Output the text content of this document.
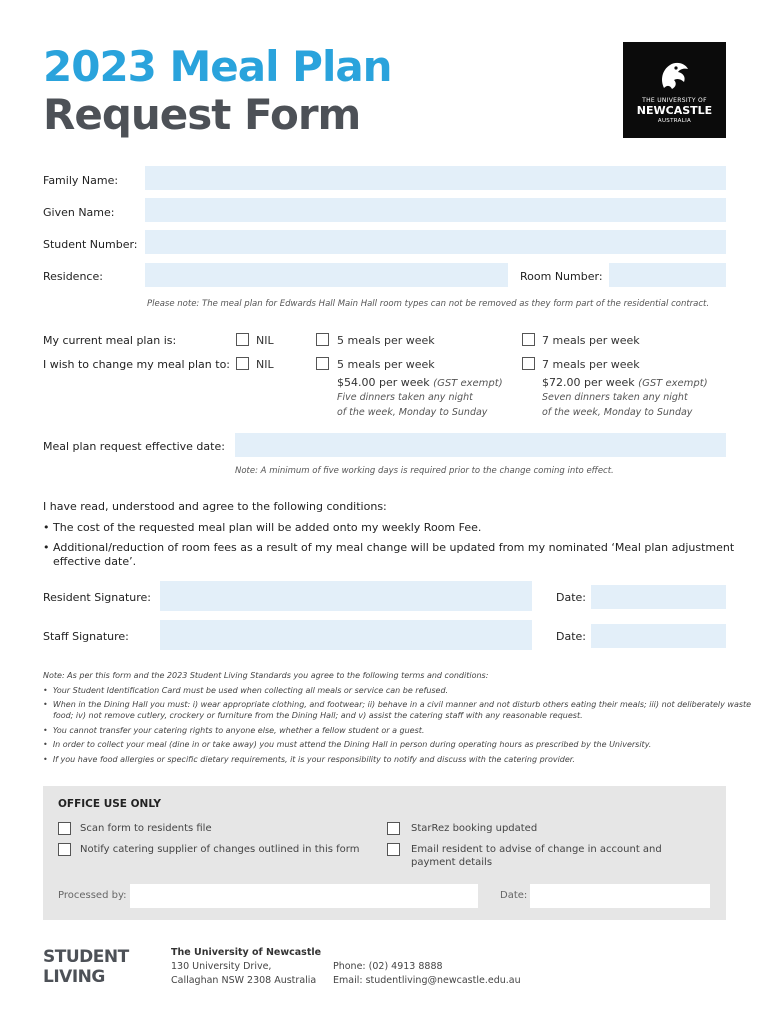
2023 Meal Plan
Request Form	THE UNIVERSITY OF
NEWCASTLE
AUSTRALIA
Family Name:
Given Name:
Student Number:
Residence:	Room Number:
Please note: The meal plan for Edwards Hall Main Hall room types can not be removed as they form part of the residential contract.
My current meal plan is:	NIL	5 meals per week	7 meals per week
I wish to change my meal plan to: NIL	5 meals per week	7 meals per week
$54.00 per week (GST exempt)
Five dinners taken any night
of the week, Monday to Sunday
$72.00 per week (GST exempt)
Seven dinners taken any night
of the week, Monday to Sunday
Meal plan request effective date:
Note: A minimum of five working days is required prior to the change coming into effect.
I have read, understood and agree to the following conditions:
• The cost of the requested meal plan will be added onto my weekly Room Fee.
• Additional/reduction of room fees as a result of my meal change will be updated from my nominated ‘Meal plan adjustment
effective date’.
Resident Signature:	Date:
Staff Signature:	Date:
Note: As per this form and the 2023 Student Living Standards you agree to the following terms and conditions:
•  Your Student Identification Card must be used when collecting all meals or service can be refused.
•  When in the Dining Hall you must: i) wear appropriate clothing, and footwear; ii) behave in a civil manner and not disturb others eating their meals; iii) not deliberately waste
food; iv) not remove cutlery, crockery or furniture from the Dining Hall; and v) assist the catering staff with any reasonable request.
•  You cannot transfer your catering rights to anyone else, whether a fellow student or a guest.
•  In order to collect your meal (dine in or take away) you must attend the Dining Hall in person during operating hours as prescribed by the University.
•  If you have food allergies or specific dietary requirements, it is your responsibility to notify and discuss with the catering provider.
OFFICE USE ONLY
Scan form to residents file	StarRez booking updated
Notify catering supplier of changes outlined in this form	Email resident to advise of change in account and
payment details
Processed by:	Date:
STUDENT
LIVING
The University of Newcastle
130 University Drive,
Callaghan NSW 2308 Australia
Phone: (02) 4913 8888
Email: studentliving@newcastle.edu.au
